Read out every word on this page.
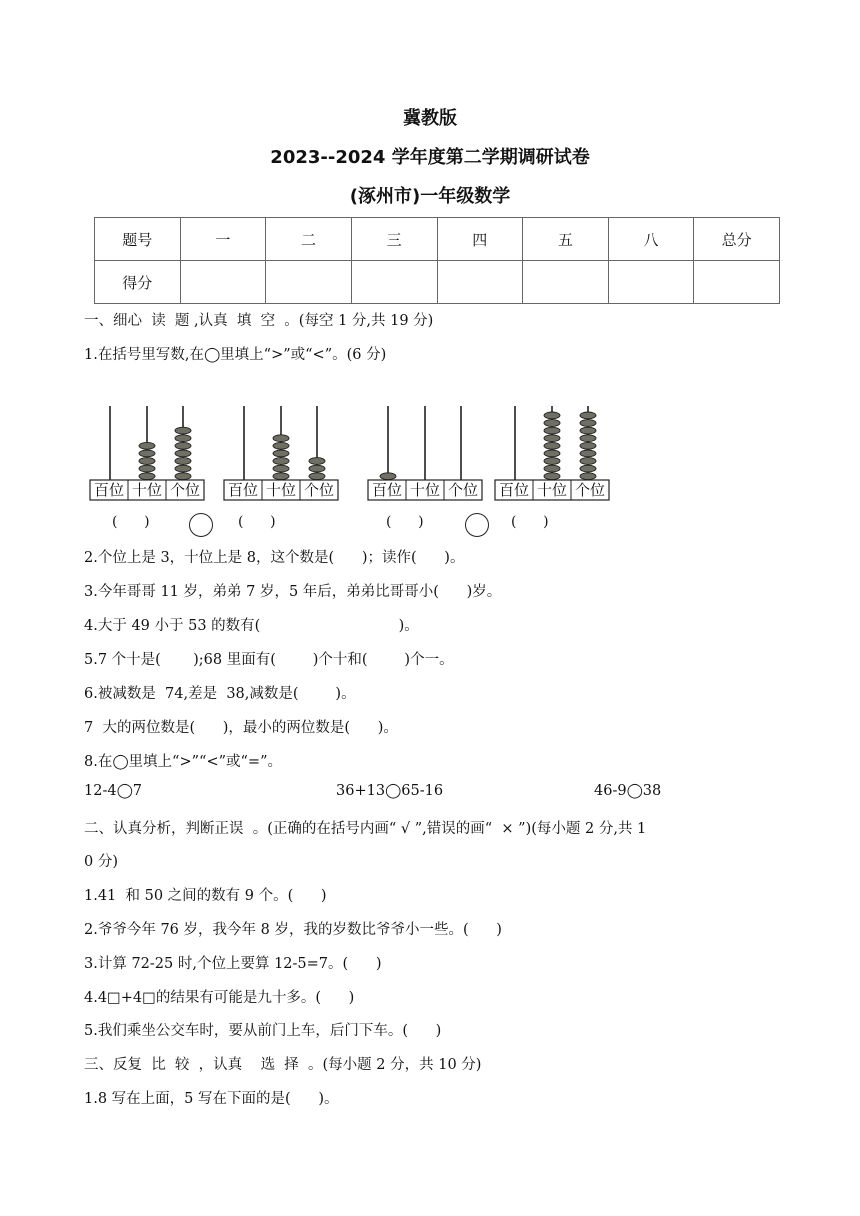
冀教版
2023--2024 学年度第二学期调研试卷
(涿州市)一年级数学
题号	一	二	三	四	五	八	总分
得分							
一、细心  读  题 ,认真  填  空  。(每空 1 分,共 19 分)
1.在括号里写数,在◯里填上“>”或“<”。(6 分)
百位 十位 个位 百位 十位 个位	百位 十位 个位 百位 十位 个位
(      )	(      )	(      )	(      )
2.个位上是 3，十位上是 8，这个数是(      )；读作(      )。
3.今年哥哥 11 岁，弟弟 7 岁，5 年后，弟弟比哥哥小(      )岁。
4.大于 49 小于 53 的数有(                              )。
5.7 个十是(       );68 里面有(        )个十和(        )个一。
6.被减数是  74,差是  38,减数是(        )。
7  大的两位数是(      )，最小的两位数是(      )。
8.在◯里填上“>”“<”或“=”。
12-4◯7	36+13◯65-16	46-9◯38
二、认真分析，判断正误  。(正确的在括号内画“ √ ”,错误的画“  × ”)(每小题 2 分,共 1
0 分)
1.41  和 50 之间的数有 9 个。(      )
2.爷爷今年 76 岁，我今年 8 岁，我的岁数比爷爷小一些。(      )
3.计算 72-25 时,个位上要算 12-5=7。(      )
4.4□+4□的结果有可能是九十多。(      )
5.我们乘坐公交车时，要从前门上车，后门下车。(      )
三、反复  比  较  ，认真    选  择  。(每小题 2 分，共 10 分)
1.8 写在上面，5 写在下面的是(      )。
